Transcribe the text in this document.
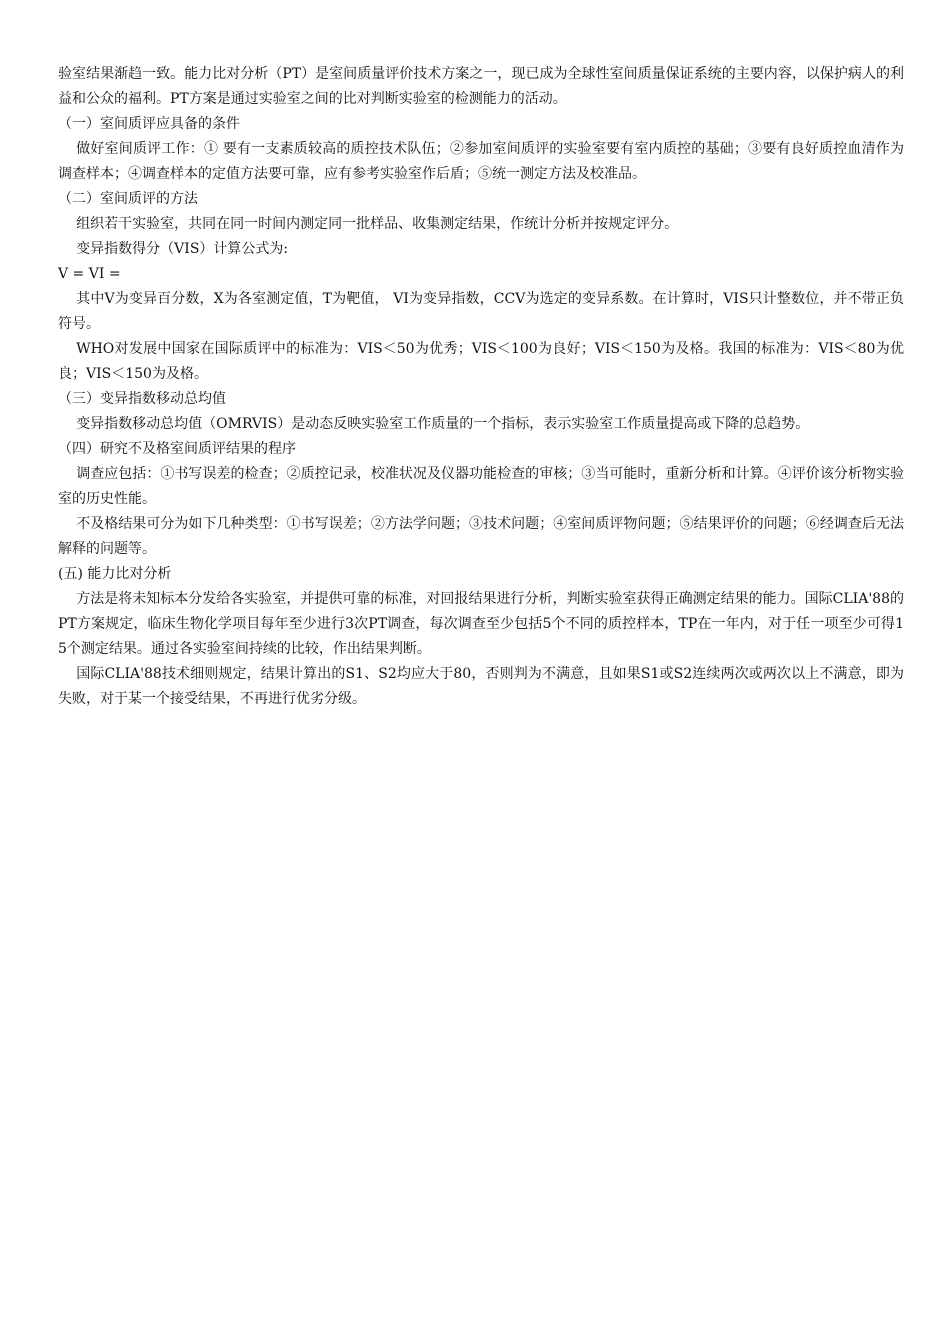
验室结果渐趋一致。能力比对分析（PT）是室间质量评价技术方案之一，现已成为全球性室间质量保证系统的主要内容，以保护病人的利益和公众的福利。PT方案是通过实验室之间的比对判断实验室的检测能力的活动。

（一）室间质评应具备的条件

做好室间质评工作：① 要有一支素质较高的质控技术队伍；②参加室间质评的实验室要有室内质控的基础；③要有良好质控血清作为调查样本；④调查样本的定值方法要可靠，应有参考实验室作后盾；⑤统一测定方法及校准品。

（二）室间质评的方法

组织若干实验室，共同在同一时间内测定同一批样品、收集测定结果，作统计分析并按规定评分。

变异指数得分（VIS）计算公式为:

V = VI =

其中V为变异百分数，X为各室测定值，T为靶值， VI为变异指数，CCV为选定的变异系数。在计算时，VIS只计整数位，并不带正负符号。

WHO对发展中国家在国际质评中的标准为：VIS＜50为优秀；VIS＜100为良好；VIS＜150为及格。我国的标准为：VIS＜80为优良；VIS＜150为及格。

（三）变异指数移动总均值

变异指数移动总均值（OMRVIS）是动态反映实验室工作质量的一个指标，表示实验室工作质量提高或下降的总趋势。

（四）研究不及格室间质评结果的程序

调查应包括：①书写误差的检查；②质控记录，校准状况及仪器功能检查的审核；③当可能时，重新分析和计算。④评价该分析物实验室的历史性能。

不及格结果可分为如下几种类型：①书写误差；②方法学问题；③技术问题；④室间质评物问题；⑤结果评价的问题；⑥经调查后无法解释的问题等。

(五) 能力比对分析

方法是将未知标本分发给各实验室，并提供可靠的标准，对回报结果进行分析，判断实验室获得正确测定结果的能力。国际CLIA'88的PT方案规定，临床生物化学项目每年至少进行3次PT调查，每次调查至少包括5个不同的质控样本，TP在一年内，对于任一项至少可得15个测定结果。通过各实验室间持续的比较，作出结果判断。

国际CLIA'88技术细则规定，结果计算出的S1、S2均应大于80，否则判为不满意，且如果S1或S2连续两次或两次以上不满意，即为失败，对于某一个接受结果，不再进行优劣分级。
